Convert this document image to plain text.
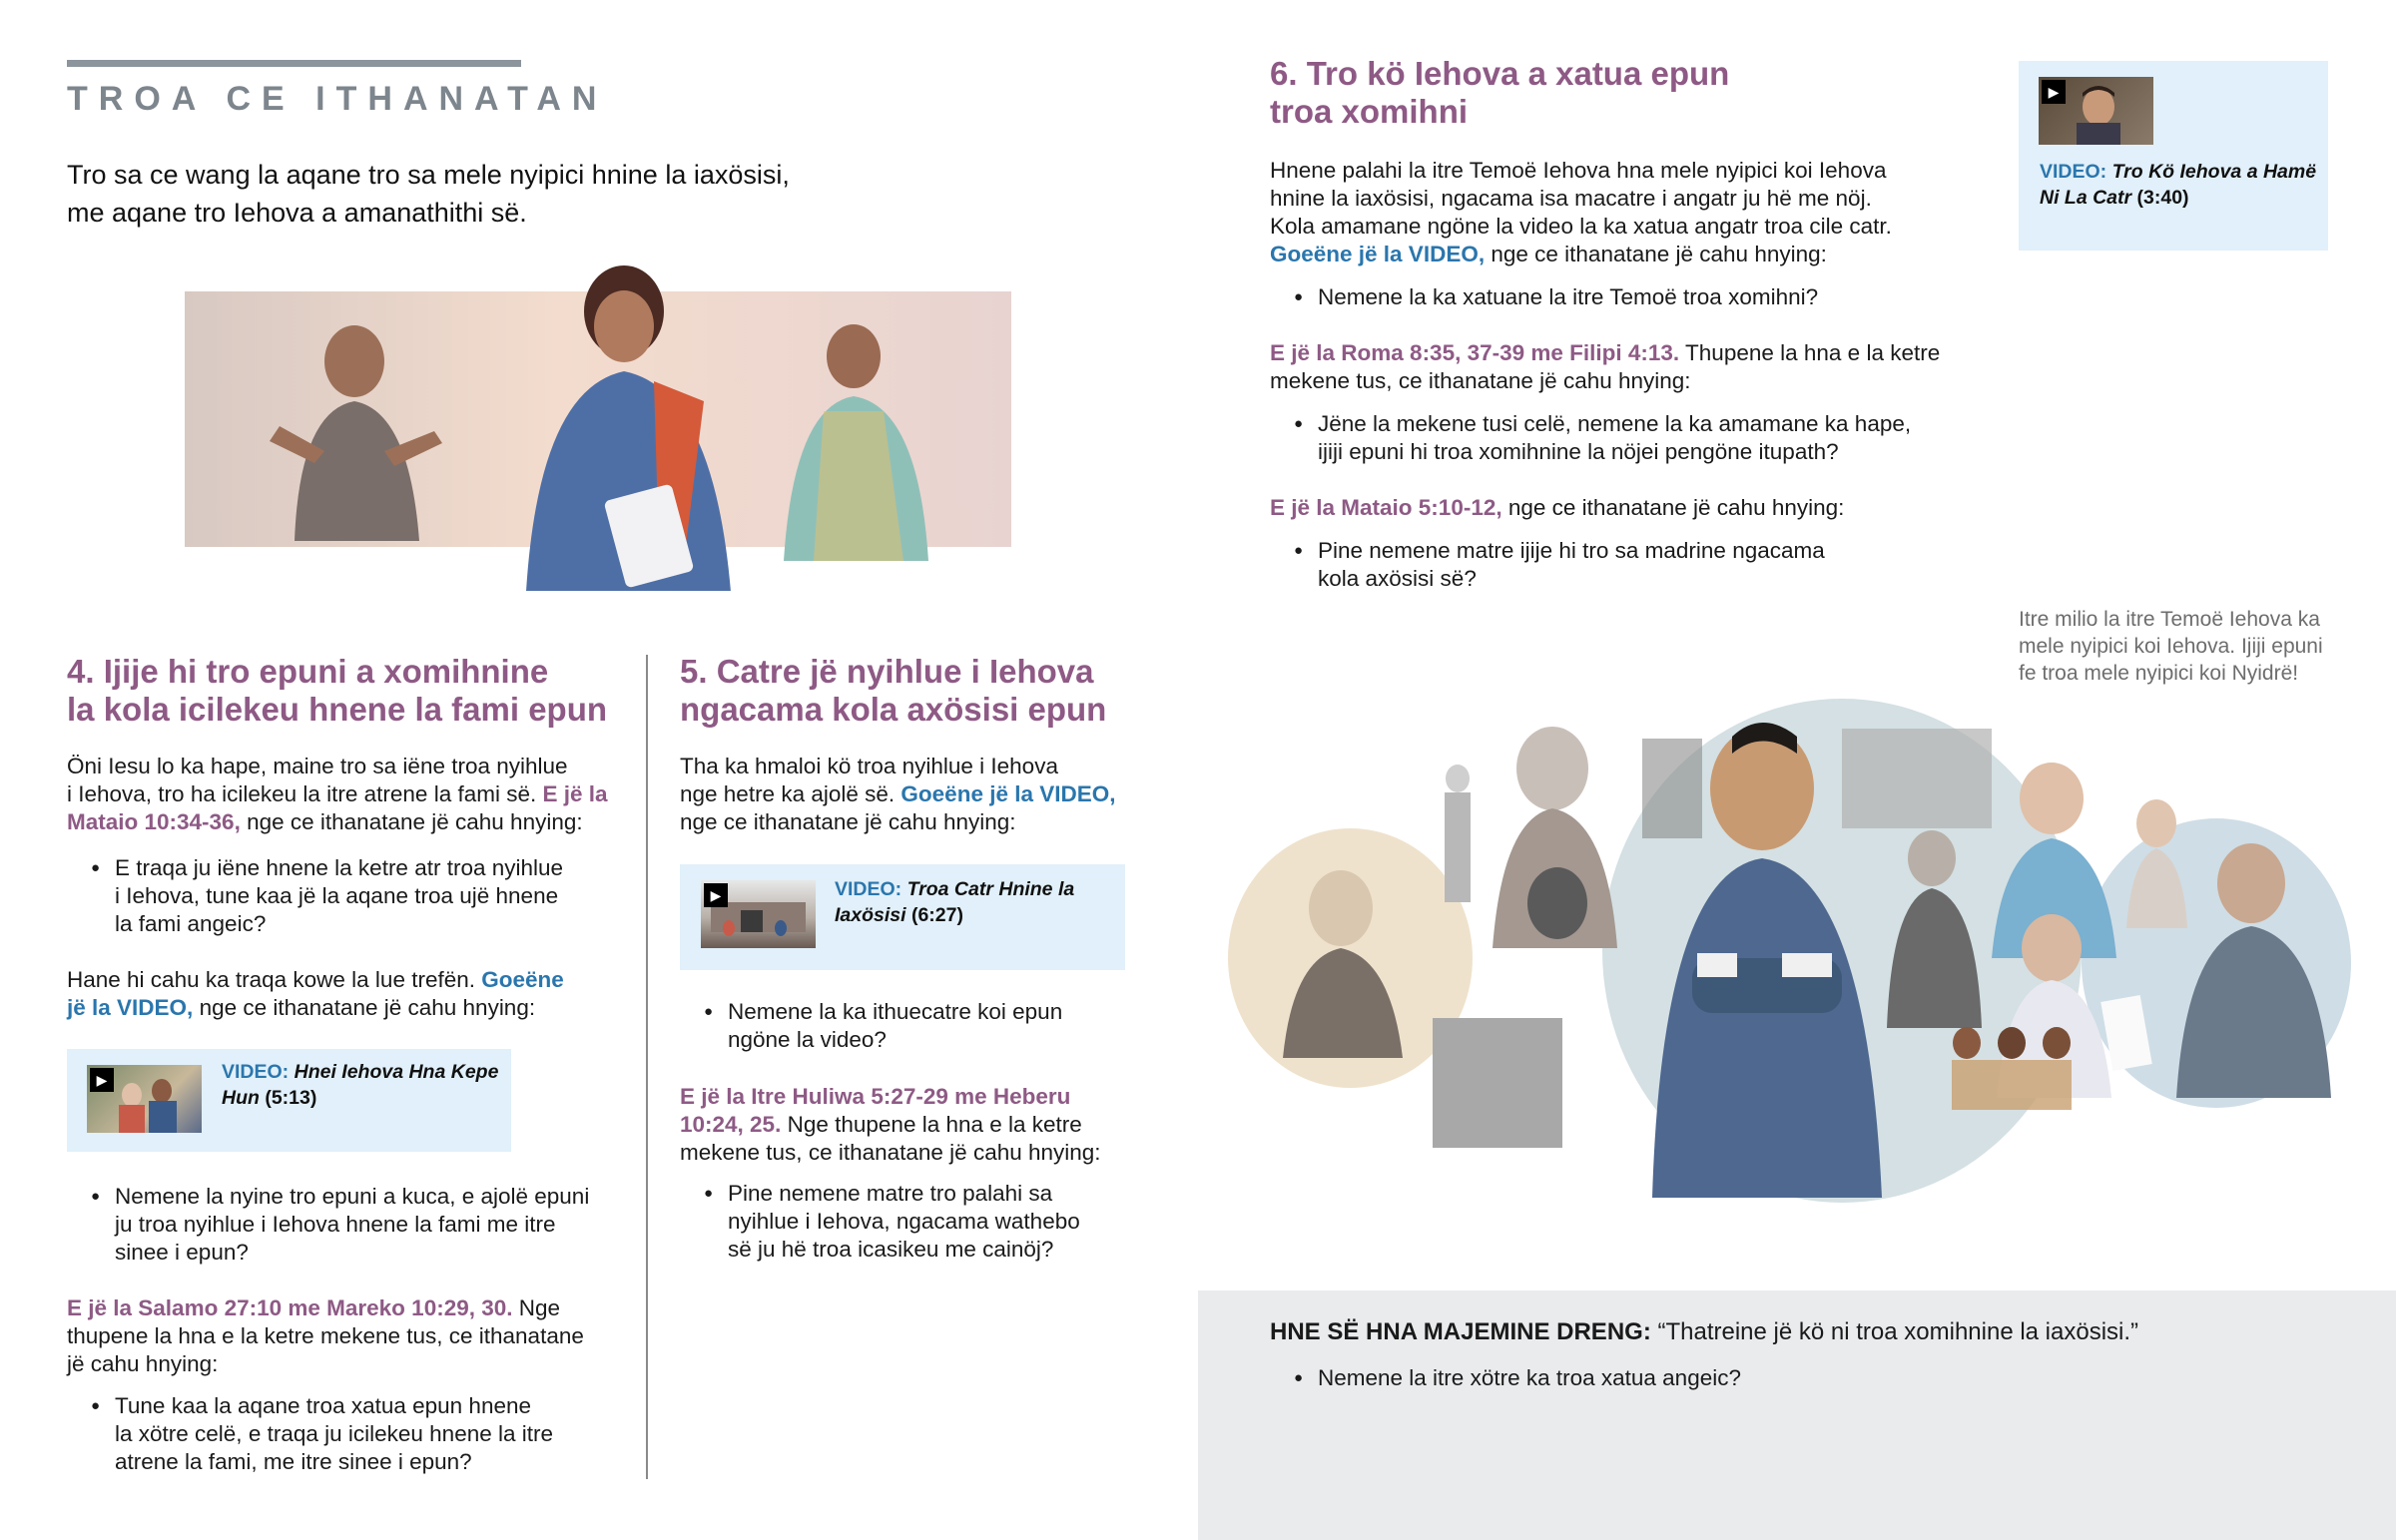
TROA CE ITHANATAN
Tro sa ce wang la aqane tro sa mele nyipici hnine la iaxösisi,
me aqane tro Iehova a amanathithi së.
4. Ijije hi tro epuni a xomihnine
la kola icilekeu hnene la fami epun
Öni Iesu lo ka hape, maine tro sa iëne troa nyihlue
i Iehova, tro ha icilekeu la itre atrene la fami së. E jë la
Mataio 10:34-36, nge ce ithanatane jë cahu hnying:
● E traqa ju iëne hnene la ketre atr troa nyihlue
i Iehova, tune kaa jë la aqane troa ujë hnene
la fami angeic?
Hane hi cahu ka traqa kowe la lue trefën. Goeëne
jë la VIDEO, nge ce ithanatane jë cahu hnying:
▶	VIDEO: Hnei Iehova Hna Kepe
Hun (5:13)
● Nemene la nyine tro epuni a kuca, e ajolë epuni
ju troa nyihlue i Iehova hnene la fami me itre
sinee i epun?
E jë la Salamo 27:10 me Mareko 10:29, 30. Nge
thupene la hna e la ketre mekene tus, ce ithanatane
jë cahu hnying:
● Tune kaa la aqane troa xatua epun hnene
la xötre celë, e traqa ju icilekeu hnene la itre
atrene la fami, me itre sinee i epun?
5. Catre jë nyihlue i Iehova
ngacama kola axösisi epun
Tha ka hmaloi kö troa nyihlue i Iehova
nge hetre ka ajolë së. Goeëne jë la VIDEO,
nge ce ithanatane jë cahu hnying:
▶	VIDEO: Troa Catr Hnine la
Iaxösisi (6:27)
● Nemene la ka ithuecatre koi epun
ngöne la video?
E jë la Itre Huliwa 5:27-29 me Heberu
10:24, 25. Nge thupene la hna e la ketre
mekene tus, ce ithanatane jë cahu hnying:
● Pine nemene matre tro palahi sa
nyihlue i Iehova, ngacama wathebo
së ju hë troa icasikeu me cainöj?
6. Tro kö Iehova a xatua epun
troa xomihni
Hnene palahi la itre Temoë Iehova hna mele nyipici koi Iehova
hnine la iaxösisi, ngacama isa macatre i angatr ju hë me nöj.
Kola amamane ngöne la video la ka xatua angatr troa cile catr.
Goeëne jë la VIDEO, nge ce ithanatane jë cahu hnying:
● Nemene la ka xatuane la itre Temoë troa xomihni?
E jë la Roma 8:35, 37-39 me Filipi 4:13. Thupene la hna e la ketre
mekene tus, ce ithanatane jë cahu hnying:
● Jëne la mekene tusi celë, nemene la ka amamane ka hape,
ijiji epuni hi troa xomihnine la nöjei pengöne itupath?
E jë la Mataio 5:10-12, nge ce ithanatane jë cahu hnying:
● Pine nemene matre ijije hi tro sa madrine ngacama
kola axösisi së?
▶
VIDEO: Tro Kö Iehova a Hamë
Ni La Catr (3:40)
Itre milio la itre Temoë Iehova ka
mele nyipici koi Iehova. Ijiji epuni
fe troa mele nyipici koi Nyidrë!
HNE SË HNA MAJEMINE DRENG: “Thatreine jë kö ni troa xomihnine la iaxösisi.”
● Nemene la itre xötre ka troa xatua angeic?
